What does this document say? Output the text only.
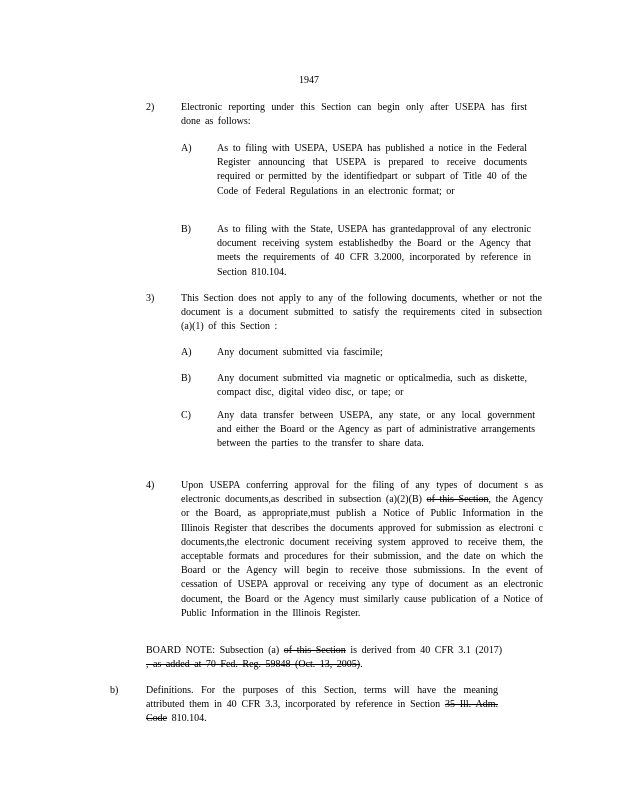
1947
2)	Electronic reporting under this Section can begin only after USEPA has first done as follows:
A)	As to filing with USEPA, USEPA has published a notice in the Federal Register announcing that USEPA is prepared to receive documents required or permitted by the identifiedpart or subpart of Title 40 of the Code of Federal Regulations in an electronic format; or
B)	As to filing with the State, USEPA has grantedapproval of any electronic document receiving system establishedby the Board or the Agency that meets the requirements of 40 CFR 3.2000, incorporated by reference in Section 810.104.
3)	This Section does not apply to any of the following documents, whether or not the document is a document submitted to satisfy the requirements cited in subsection (a)(1) of this Section :
A)	Any document submitted via fascimile;
B)	Any document submitted via magnetic or opticalmedia, such as diskette, compact disc, digital video disc, or tape; or
C)	Any data transfer between USEPA, any state, or any local government and either the Board or the Agency as part of administrative arrangements between the parties to the transfer to share data.
4)	Upon USEPA conferring approval for the filing of any types of document s as electronic documents,as described in subsection (a)(2)(B) of this Section, the Agency or the Board, as appropriate,must publish a Notice of Public Information in the Illinois Register that describes the documents approved for submission as electroni c documents,the electronic document receiving system approved to receive them, the acceptable formats and procedures for their submission, and the date on which the Board or the Agency will begin to receive those submissions. In the event of cessation of USEPA approval or receiving any type of document as an electronic document, the Board or the Agency must similarly cause publication of a Notice of Public Information in the Illinois Register.
BOARD NOTE: Subsection (a) of this Section is derived from 40 CFR 3.1 (2017) , as added at 70 Fed. Reg. 59848 (Oct. 13, 2005).
b)	Definitions. For the purposes of this Section, terms will have the meaning attributed them in 40 CFR 3.3, incorporated by reference in Section 35 Ill. Adm. Code 810.104.
